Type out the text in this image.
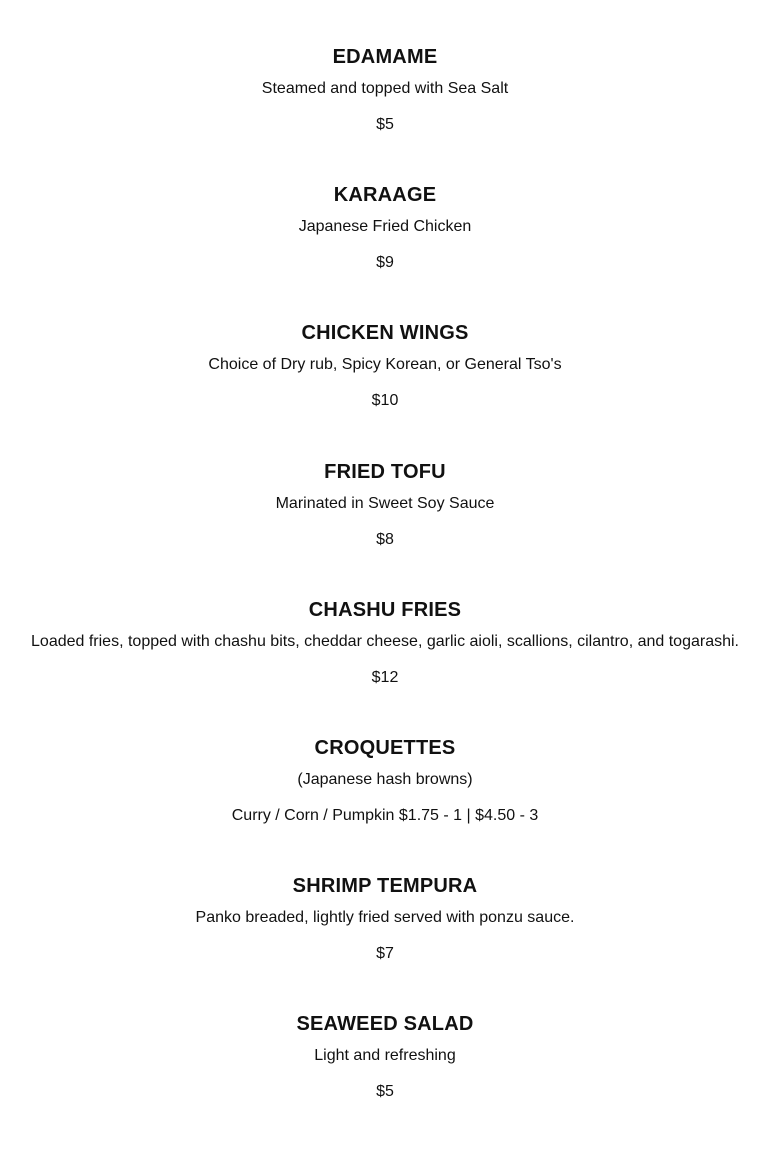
EDAMAME
Steamed and topped with Sea Salt
$5
KARAAGE
Japanese Fried Chicken
$9
CHICKEN WINGS
Choice of Dry rub, Spicy Korean, or General Tso's
$10
FRIED TOFU
Marinated in Sweet Soy Sauce
$8
CHASHU FRIES
Loaded fries, topped with chashu bits, cheddar cheese, garlic aioli, scallions, cilantro, and togarashi.
$12
CROQUETTES
(Japanese hash browns)
Curry / Corn / Pumpkin $1.75 - 1 | $4.50 - 3
SHRIMP TEMPURA
Panko breaded, lightly fried served with ponzu sauce.
$7
SEAWEED SALAD
Light and refreshing
$5
